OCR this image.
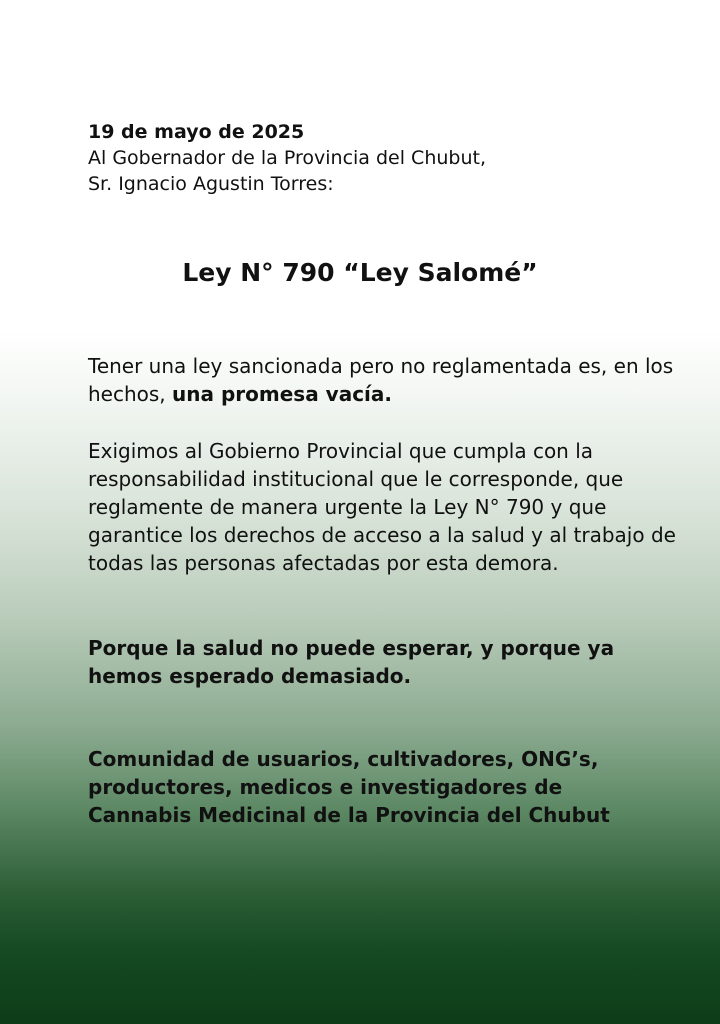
19 de mayo de 2025
Al Gobernador de la Provincia del Chubut,
Sr. Ignacio Agustin Torres:
Ley N° 790 “Ley Salomé”

Tener una ley sancionada pero no reglamentada es, en los hechos, una promesa vacía.

Exigimos al Gobierno Provincial que cumpla con la responsabilidad institucional que le corresponde, que reglamente de manera urgente la Ley N° 790 y que garantice los derechos de acceso a la salud y al trabajo de todas las personas afectadas por esta demora.

Porque la salud no puede esperar, y porque ya hemos esperado demasiado.

Comunidad de usuarios, cultivadores, ONG’s,
productores, medicos e investigadores de
Cannabis Medicinal de la Provincia del Chubut
